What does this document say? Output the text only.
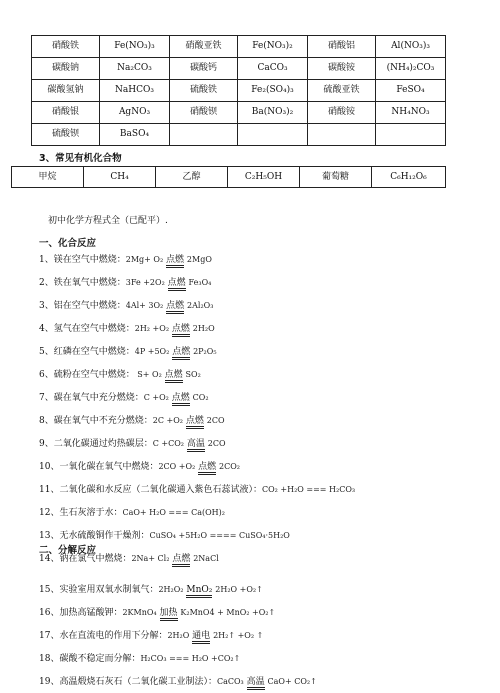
硝酸铁	Fe(NO₃)₃	硝酸亚铁	Fe(NO₃)₂	硝酸铝	Al(NO₃)₃
碳酸钠	Na₂CO₃	碳酸钙	CaCO₃	碳酸铵	(NH₄)₂CO₃
碳酸氢钠	NaHCO₃	硫酸铁	Fe₂(SO₄)₃	硫酸亚铁	FeSO₄
硝酸银	AgNO₃	硝酸钡	Ba(NO₃)₂	硝酸铵	NH₄NO₃
硫酸钡	BaSO₄				
3、常见有机化合物
甲烷	CH₄	乙醇	C₂H₅OH	葡萄糖	C₆H₁₂O₆
初中化学方程式全（已配平）.
一、化合反应
二、分解反应
1、镁在空气中燃烧：2Mg+ O₂ 点燃 2MgO
2、铁在氧气中燃烧：3Fe +2O₂ 点燃 Fe₃O₄
3、铝在空气中燃烧：4Al+ 3O₂ 点燃 2Al₂O₃
4、氢气在空气中燃烧：2H₂ +O₂ 点燃 2H₂O
5、红磷在空气中燃烧：4P +5O₂ 点燃 2P₂O₅
6、硫粉在空气中燃烧： S+ O₂ 点燃 SO₂
7、碳在氧气中充分燃烧：C +O₂ 点燃 CO₂
8、碳在氧气中不充分燃烧：2C +O₂ 点燃 2CO
9、二氧化碳通过灼热碳层：C +CO₂ 高温 2CO
10、一氧化碳在氧气中燃烧：2CO +O₂ 点燃 2CO₂
11、二氧化碳和水反应（二氧化碳通入紫色石蕊试液）：CO₂ +H₂O === H₂CO₃
12、生石灰溶于水：CaO+ H₂O === Ca(OH)₂
13、无水硫酸铜作干燥剂：CuSO₄ +5H₂O ==== CuSO₄·5H₂O
14、钠在氯气中燃烧：2Na+ Cl₂ 点燃 2NaCl
15、实验室用双氧水制氧气：2H₂O₂ MnO₂ 2H₂O +O₂↑
16、加热高锰酸钾：2KMnO₄ 加热 K₂MnO4 + MnO₂ +O₂↑
17、水在直流电的作用下分解：2H₂O 通电 2H₂↑ +O₂ ↑
18、碳酸不稳定而分解：H₂CO₃ === H₂O +CO₂↑
19、高温煅烧石灰石（二氧化碳工业制法）：CaCO₃ 高温 CaO+ CO₂↑
